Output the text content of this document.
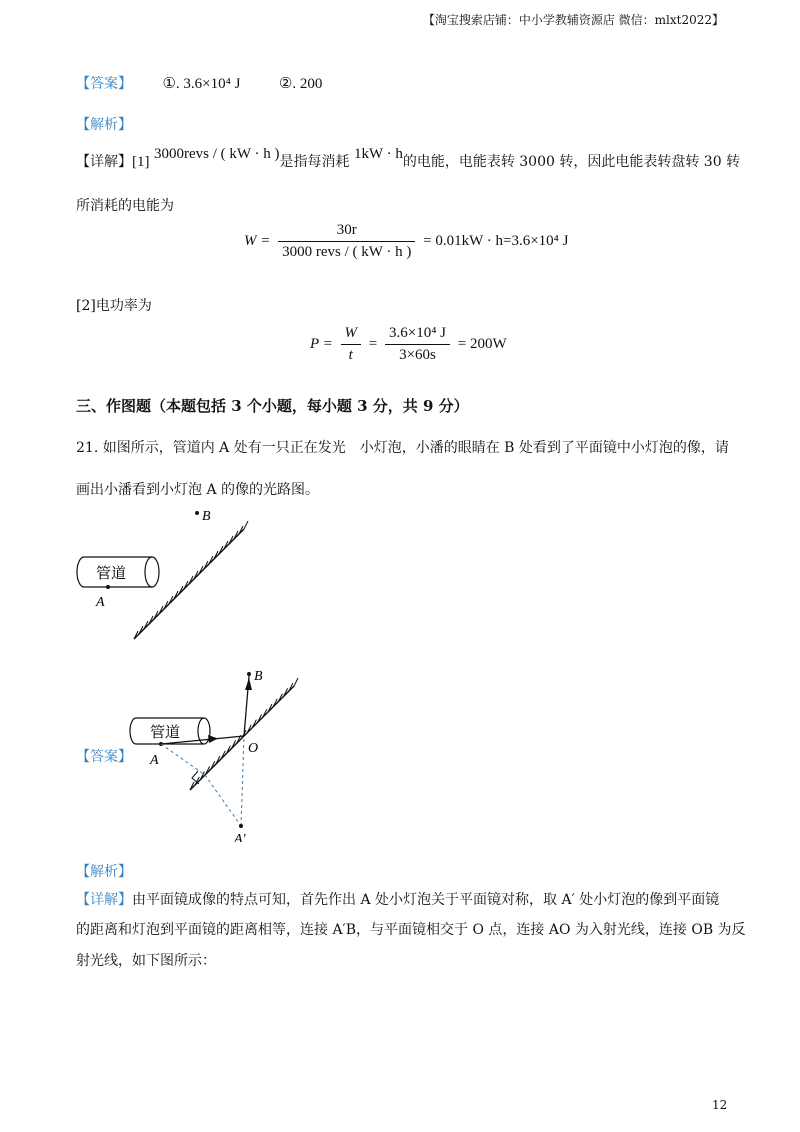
【淘宝搜索店铺：中小学教辅资源店 微信：mlxt2022】
【答案】 ①. 3.6×10⁴ J	②. 200
【解析】
【详解】[1] 3000revs / ( kW · h )是指每消耗 1kW · h的电能，电能表转 3000 转，因此电能表转盘转 30 转
所消耗的电能为
$W = \frac{30r}{\text{3000 revs / ( kW · h )}} = 0.01kW \cdot h=3.6\times 10^4$ J
[2]电功率为
$P = \frac{W}{t} = \frac{\text{3.6×10⁴ J}}{3\times 60s} = 200W$
三、作图题（本题包括 3 个小题，每小题 3 分，共 9 分）
21. 如图所示，管道内 A 处有一只正在发光　小灯泡，小潘的眼睛在 B 处看到了平面镜中小灯泡的像，请
画出小潘看到小灯泡 A 的像的光路图。
管道
A
B
【答案】
管道
A
B
O
A′
【解析】
【详解】由平面镜成像的特点可知，首先作出 A 处小灯泡关于平面镜对称，取 A′ 处小灯泡的像到平面镜
的距离和灯泡到平面镜的距离相等，连接 A′B，与平面镜相交于 O 点，连接 AO 为入射光线，连接 OB 为反
射光线，如下图所示：
12
